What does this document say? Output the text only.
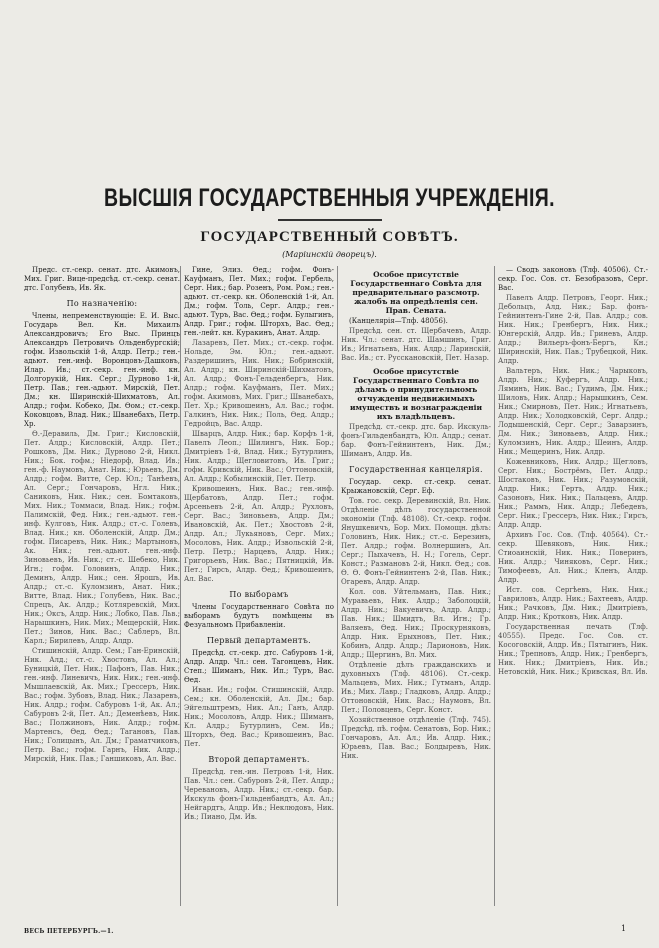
ВЫСШІЯ ГОСУДАРСТВЕННЫЯ УЧРЕЖДЕНІЯ.
ГОСУДАРСТВЕННЫЙ СОВѢТЪ.
(Маріинскій дворецъ).

Предс. ст.-секр. сенат. дтс. Акимовъ, Мих. Григ. Вице-предсѣд. ст.-секр. сенат. дтс. Голубевъ, Ив. Як.

По назначенію:

Члены, непременствующіе: Е. И. Выс. Государь Вел. Кн. Михаилъ Александровичъ; Его Выс. Принцъ Александръ Петровичъ Ольденбургскій; гофм. Извольскій 1-й, Алдр. Петр.; ген.-адьют. ген.-инф. Воронцовъ-Дашковъ, Илар. Ив.; ст.-секр. ген.-инф. кн. Долгорукій, Ник. Серг.; Дурново 1-й, Петр. Пав.; ген.-адьют. Мирскій, Пет. Дм.; кн. Ширинскій-Шихматовъ, Ал. Алдр.; гофм. Кобеко, Дм. Ѳом.; ст.-секр. Коковцовъ, Влад. Ник.; Шванебахъ, Петр. Хр.

Ѳ.-Деравиль, Дм. Григ.; Кисловскій, Пет. Алдр.; Кисловскій, Алдр. Пет.; Рошковъ, Дм. Ник.; Дурново 2-й, Никл. Ник.; Бок. гофм.; Ніедорф, Влад. Ив.; ген.-ф. Наумовъ, Анат. Ник.; Юрьевъ, Дм. Алдр.; гофм. Витте, Сер. Юл.; Танѣевъ, Ал. Серг.; Гончаровъ, Нгл. Ник.; Саниковъ, Ник. Ник.; сен. Бомтаковъ, Мих. Ник.; Томмаси, Влад. Ник.; гофм. Палимскій, Фед. Ник.; ген.-адьют. ген.-инф. Кулговъ, Ник. Алдр.; ст.-с. Голевъ, Влад. Ник.; кн. Оболенскій, Алдр. Дм.; гофм. Писаревъ, Ник. Ник.; Мартыновъ, Ак. Ник.; ген.-адьют. ген.-инф. Зиновьевъ, Ив. Ник.; ст.-с. Шебеко, Ник. Игн.; гофм. Головинъ, Алдр. Ник.; Деминъ, Алдр. Ник.; сен. Ярошъ, Ив. Алдр.; ст.-с. Куломзинъ, Анат. Ник.; Витте, Влад. Ник.; Голубевъ, Ник. Вас.; Спрецъ, Ак. Алдр.; Котляревскій, Мих. Ник.; Оксъ, Алдр. Ник.; Лобко, Пав. Льв.; Нарышкинъ, Ник. Мих.; Мещерскій, Ник. Пет.; Зинов, Ник. Вас.; Саблеръ, Вл. Карл.; Бирилевъ, Алдр. Алдр.

Стишинскій, Алдр. Сем.; Ган-Еринскій, Ник. Алд.; ст.-с. Хвостовъ, Ал. Ал.; Буницкій, Пет. Ник.; Пафонъ, Пав. Ник.; ген.-инф. Линевичъ, Ник. Ник.; ген.-инф. Мышлаевскій, Ак. Мих.; Грессеръ, Ник. Вас.; гофм. Зубовъ, Влад. Ник.; Лазаревъ, Ник. Алдр.; гофм. Сабуровъ 1-й, Ак. Ал.; Сабуровъ 2-й, Пет. Ал.; Деменѣевъ, Ник. Вас.; Полжиновъ, Ник. Алдр.; гофм. Мартенсъ, Ѳед. Ѳед.; Тагановъ, Пав. Ник.; Голицынъ, Ал. Дм.; Граматчиковъ, Петр. Вас.; гофм. Гарнъ, Ник. Алдр.; Мирскій, Ник. Пав.; Ганшиковъ, Ал. Вас.

Гине, Элиз. Ѳед.; гофм. Фонъ-Кауфманъ, Пет. Мих.; гофм. Гербель, Серг. Ник.; бар. Розенъ, Ром. Ром.; ген.-адьют. ст.-секр. кн. Оболенскій 1-й, Ал. Дм.; гофм. Толь, Серг. Алдр.; ген.-адьют. Туръ, Вас. Ѳед.; гофм. Булыгинъ, Алдр. Григ.; гофм. Шторхъ, Вас. Ѳед.; ген.-лейт. кн. Куракинъ, Анат. Алдр.

Лазаревъ, Пет. Мих.; ст.-секр. гофм. Нольде, Эм. Юл.; ген.-адьют. Раздеришинъ, Ник. Ник.; Бобринскій, Ал. Алдр.; кн. Ширинскій-Шихматовъ, Ал. Алдр.; Фонъ-Гельденбергъ, Ник. Алдр.; гофм. Кауфманъ, Пет. Мих.; гофм. Акимовъ, Мих. Григ.; Шванебахъ, Пет. Хр.; Кривошеинъ, Ал. Вас.; гофм. Галкинъ, Ник. Ник.; Поль, Ѳед. Алдр.; Гедройцъ, Вас. Алдр.

Шварцъ, Алдр. Ник.; бар. Корфъ 1-й, Павелъ Леоп.; Шилингъ, Ник. Бор.; Дмитріевъ 1-й, Влад. Ник.; Бутурлинъ, Ник. Алдр.; Щегловитовъ, Ив. Григ.; гофм. Кривскій, Ник. Вас.; Оттоновскій, Ал. Алдр.; Кобылинскій, Пет. Петр.

Кривошеинъ, Ник. Вас.; ген.-инф. Щербатовъ, Алдр. Пет.; гофм. Арсеньевъ 2-й, Ал. Алдр.; Рухловъ, Серг. Вас.; Зиновьевъ, Алдр. Дм.; Ивановскій, Ак. Пет.; Хвостовъ 2-й, Алдр. Ал.; Лукьяновъ, Серг. Мих.; Мосоловъ, Ник. Алдр.; Извольскій 2-й, Петр. Петр.; Нарцевъ, Алдр. Ник.; Григорьевъ, Ник. Вас.; Пятницкій, Ив. Пет.; Гирсъ, Алдр. Ѳед.; Кривошеинъ, Ал. Вас.

По выборамъ

Члены Государственнаго Совѣта по выборамъ будутъ помѣщены въ Фезуальномъ Прибавленіи.

Первый департаментъ.

Предсѣд. ст.-секр. дтс. Сабуровъ 1-й, Алдр. Алдр. Чл.: сен. Тагонцевъ, Ник. Степ.; Шиманъ, Ник. Ип.; Туръ, Вас. Ѳед.

Иван. Ин.; гофм. Стишинскій, Алдр. Сем.; кн. Оболенскій, Ал. Дм.; бар. Эйгельштремъ, Ник. Ал.; Ганъ, Алдр. Ник.; Мосоловъ, Алдр. Ник.; Шиманъ, Кл. Алдр.; Бутурлинъ, Сем. Ив.; Шторхъ, Ѳед. Вас.; Кривошеинъ, Вас. Пет.

Второй департаментъ.

Предсѣд. ген.-ин. Петровъ 1-й, Ник. Пав. Чл.: сен. Сабуровъ 2-й, Пет. Алдр.; Черевановъ, Алдр. Ник.; ст.-секр. бар. Икскуль фонъ-Гильденбандтъ, Ал. Ал.; Нейгардтъ, Алдр. Ив.; Неклюдовъ, Ник. Ив.; Пиано, Дм. Ив.

Особое присутствіе Государственнаго Совѣта для предварительнаго разсмотр. жалобъ на опредѣленія сен. Прав. Сената.

(Канцелярія—Тлф. 48056).

Предсѣд. сен. ст. Щербачевъ, Алдр. Ник. Чл.: сенат. дтс. Шамшинъ, Григ. Ив.; Игнатьевъ, Ник. Алдр.; Ларинскій, Вас. Ив.; ст. Русскановскій, Пет. Назар.

Особое присутствіе Государственнаго Совѣта по дѣламъ о принудительномъ отчужденіи недвижимыхъ имуществъ и вознагражденіи ихъ владѣльцевъ.

Предсѣд. ст.-секр. дтс. бар. Икскуль-фонъ-Гильденбандтъ, Юл. Алдр.; сенат. бар. Фонъ-Гейнинтенъ, Ник. Дм.; Шиманъ, Алдр. Ив.

Государственная канцелярія.

Государ. секр. ст.-секр. сенат. Крыжановскій, Серг. Еф.

Тов. гос. секр. Деревинскій, Вл. Ник. Отдѣленіе дѣлъ государственной экономіи (Тлф. 48108). Ст.-секр. гофм. Янушкевичъ, Бор. Мих. Помощн. дѣлъ: Головинъ, Ник. Ник.; ст.-с. Березинъ, Пет. Алдр.; гофм. Волнершинъ, Ал. Серг.; Пыхачевъ, Н. Н.; Гогель, Серг. Конст.; Размановъ 2-й, Никл. Ѳед.; сов. Ѳ. Ѳ. Фонъ-Гейнинтенъ 2-й, Пав. Ник.; Огаревъ, Алдр. Алдр.

Кол. сов. Уйтельманъ, Пав. Ник.; Муравьевъ, Ник. Алдр.; Заболоцкій, Алдр. Ник.; Вакуевичъ, Алдр. Алдр.; Пав. Ник.; Шмидтъ, Вл. Игн.; Гр. Валяевъ, Ѳед. Ник.; Проскурняковъ, Алдр. Ник. Ерыхновъ, Пет. Ник.; Кобинъ, Алдр. Алдр.; Ларионовъ, Ник. Алдр.; Щергинъ, Вл. Мих.

Отдѣленіе дѣлъ гражданскихъ и духовныхъ (Тлф. 48106). Ст.-секр. Мальцевъ, Мих. Ник.; Гутманъ, Алдр. Ив.; Мих. Лавр.; Гладковъ, Алдр. Алдр.; Оттоновскій, Ник. Вас.; Наумовъ, Вл. Пет.; Половцевъ, Серг. Конст.

Хозяйственное отдѣленіе (Тлф. 745). Предсѣд. пѣ. гофм. Сенатовъ, Бор. Ник.; Гончаровъ, Ал. Ал.; Ив. Алдр. Ник.; Юрьевъ, Пав. Вас.; Болдыревъ, Ник. Ник.

— Сводъ законовъ (Тлф. 40506). Ст.-секр. Гос. Сов. ст. Безобразовъ, Серг. Вас.

Павелъ Алдр. Петровъ, Георг. Ник.; Дебольцъ, Алд. Ник.; Бар. фонъ-Гейнинтенъ-Гине 2-й, Пав. Алдр.; сов. Ник. Ник.; Гренбергъ, Ник. Ник.; Юнгерскій, Алдр. Ив.; Гриневъ, Алдр. Алдр.; Вильеръ-фонъ-Бергъ, Кн.; Ширинскій, Ник. Пав.; Трубецкой, Ник. Алдр.

Вальтеръ, Ник. Ник.; Чарыковъ, Алдр. Ник.; Куфергъ, Алдр. Ник.; Ляминъ, Ник. Вас.; Гудимъ, Дм. Ник.; Шиловъ, Ник. Алдр.; Нарышкинъ, Сем. Ник.; Смирновъ, Пет. Ник.; Игнатьевъ, Алдр. Ник.; Холодковскій, Серг. Алдр.; Лодышенскій, Серг. Серг.; Заварзинъ, Дм. Ник.; Зиновьевъ, Алдр. Ник.; Куломзинъ, Ник. Алдр.; Шеинъ, Алдр. Ник.; Мещеринъ, Ник. Алдр.

Кожевниковъ, Ник. Алдр.; Щегловъ, Серг. Ник.; Бострёмъ, Пет. Алдр.; Шостаковъ, Ник. Ник.; Разумовскій, Алдр. Ник.; Гертъ, Алдр. Ник.; Сазоновъ, Ник. Ник.; Пальцевъ, Алдр. Ник.; Раммъ, Ник. Алдр.; Лебедевъ, Серг. Ник.; Грессеръ, Ник. Ник.; Гирсъ, Алдр. Алдр.

Архивъ Гос. Сов. (Тлф. 40564). Ст.-секр. Шевяковъ, Ник. Ник.; Стиоаинскій, Ник. Ник.; Поверинъ, Ник. Алдр.; Чиняковъ, Серг. Ник.; Тимофеевъ, Ал. Ник.; Кленъ, Алдр. Алдр.

Ист. сов. Сергѣевъ, Ник. Ник.; Гавриловъ, Алдр. Ник.; Бахтеевъ, Алдр. Ник.; Рачковъ, Дм. Ник.; Дмитріевъ, Алдр. Ник.; Кротковъ, Ник. Алдр.

Государственная печать (Тлф. 40555). Предс. Гос. Сов. ст. Косоговскій, Алдр. Ив.; Пятыгинъ, Ник. Ник.; Трепновъ, Алдр. Ник.; Гренбергъ, Ник. Ник.; Дмитріевъ, Ник. Ив.; Нетовскій, Ник. Ник.; Кривская, Вл. Ив.

ВЕСЬ ПЕТЕРБУРГЪ.—1.	1
